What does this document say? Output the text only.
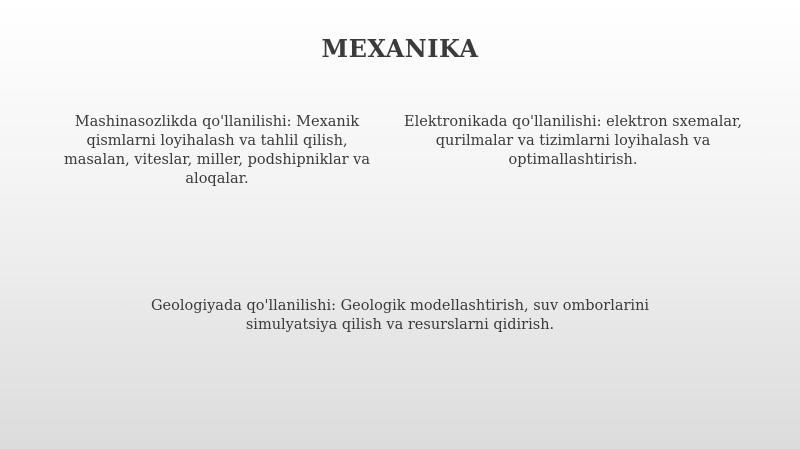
MEXANIKA
Mashinasozlikda qo'llanilishi: Mexanik qismlarni loyihalash va tahlil qilish, masalan, viteslar, miller, podshipniklar va aloqalar.
Elektronikada qo'llanilishi: elektron sxemalar, qurilmalar va tizimlarni loyihalash va optimallashtirish.
Geologiyada qo'llanilishi: Geologik modellashtirish, suv omborlarini simulyatsiya qilish va resurslarni qidirish.
